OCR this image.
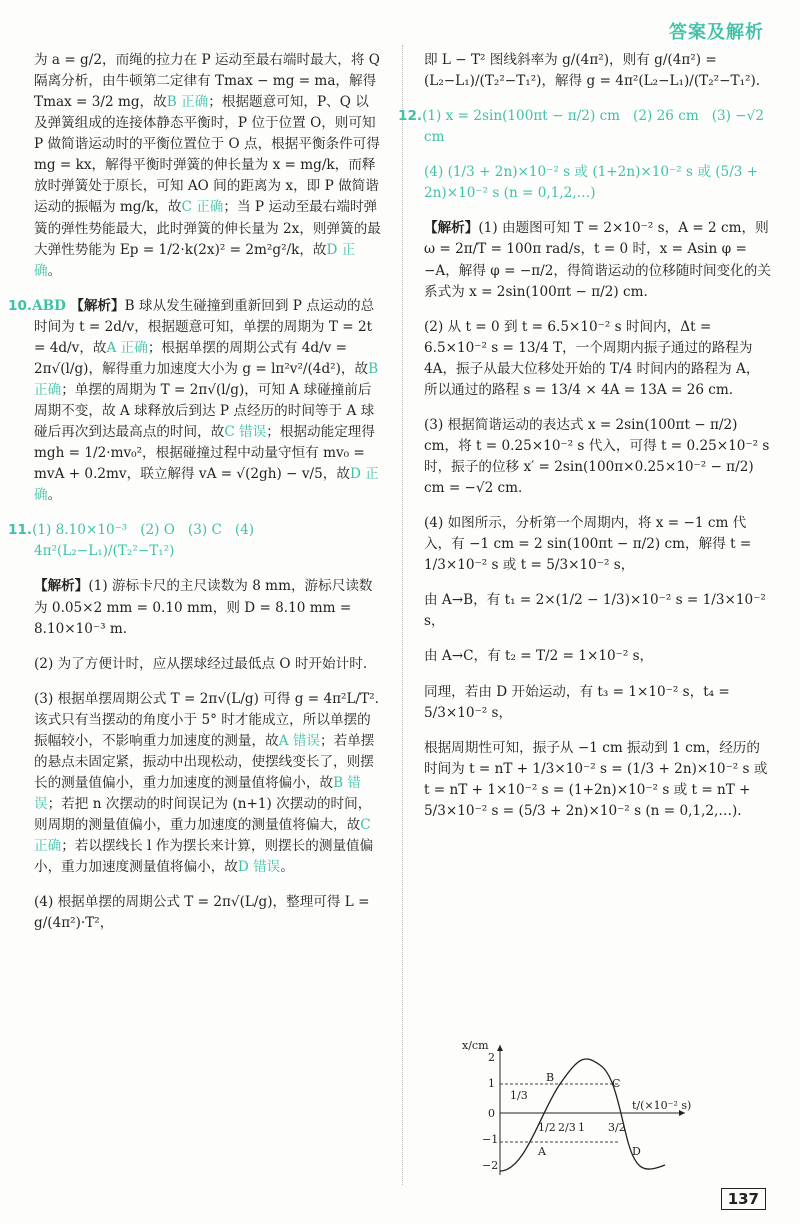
答案及解析

为 a = g/2，而绳的拉力在 P 运动至最右端时最大，将 Q 隔离分析，由牛顿第二定律有 Tmax − mg = ma，解得 Tmax = 3/2 mg，故B 正确；根据题意可知，P、Q 以及弹簧组成的连接体静态平衡时，P 位于位置 O，则可知 P 做简谐运动时的平衡位置位于 O 点，根据平衡条件可得 mg = kx，解得平衡时弹簧的伸长量为 x = mg/k，而释放时弹簧处于原长，可知 AO 间的距离为 x，即 P 做简谐运动的振幅为 mg/k，故C 正确；当 P 运动至最右端时弹簧的弹性势能最大，此时弹簧的伸长量为 2x，则弹簧的最大弹性势能为 Ep = 1/2·k(2x)² = 2m²g²/k，故D 正确。

10.ABD 【解析】B 球从发生碰撞到重新回到 P 点运动的总时间为 t = 2d/v，根据题意可知，单摆的周期为 T = 2t = 4d/v，故A 正确；根据单摆的周期公式有 4d/v = 2π√(l/g)，解得重力加速度大小为 g = lπ²v²/(4d²)，故B 正确；单摆的周期为 T = 2π√(l/g)，可知 A 球碰撞前后周期不变，故 A 球释放后到达 P 点经历的时间等于 A 球碰后再次到达最高点的时间，故C 错误；根据动能定理得 mgh = 1/2·mv₀²，根据碰撞过程中动量守恒有 mv₀ = mvA + 0.2mv，联立解得 vA = √(2gh) − v/5，故D 正确。

11.(1) 8.10×10⁻³   (2) O   (3) C   (4) 4π²(L₂−L₁)/(T₂²−T₁²)

【解析】(1) 游标卡尺的主尺读数为 8 mm，游标尺读数为 0.05×2 mm = 0.10 mm，则 D = 8.10 mm = 8.10×10⁻³ m.

(2) 为了方便计时，应从摆球经过最低点 O 时开始计时.

(3) 根据单摆周期公式 T = 2π√(L/g) 可得 g = 4π²L/T². 该式只有当摆动的角度小于 5° 时才能成立，所以单摆的振幅较小，不影响重力加速度的测量，故A 错误；若单摆的悬点未固定紧，振动中出现松动，使摆线变长了，则摆长的测量值偏小，重力加速度的测量值将偏小，故B 错误；若把 n 次摆动的时间误记为 (n+1) 次摆动的时间，则周期的测量值偏小，重力加速度的测量值将偏大，故C 正确；若以摆线长 l 作为摆长来计算，则摆长的测量值偏小，重力加速度测量值将偏小，故D 错误。

(4) 根据单摆的周期公式 T = 2π√(L/g)，整理可得 L = g/(4π²)·T²，

即 L − T² 图线斜率为 g/(4π²)，则有 g/(4π²) = (L₂−L₁)/(T₂²−T₁²)，解得 g = 4π²(L₂−L₁)/(T₂²−T₁²).

12.(1) x = 2sin(100πt − π/2) cm   (2) 26 cm   (3) −√2 cm

(4) (1/3 + 2n)×10⁻² s 或 (1+2n)×10⁻² s 或 (5/3 + 2n)×10⁻² s (n = 0,1,2,…)

【解析】(1) 由题图可知 T = 2×10⁻² s，A = 2 cm，则 ω = 2π/T = 100π rad/s，t = 0 时，x = Asin φ = −A，解得 φ = −π/2，得简谐运动的位移随时间变化的关系式为 x = 2sin(100πt − π/2) cm.

(2) 从 t = 0 到 t = 6.5×10⁻² s 时间内，Δt = 6.5×10⁻² s = 13/4 T，一个周期内振子通过的路程为 4A，振子从最大位移处开始的 T/4 时间内的路程为 A，所以通过的路程 s = 13/4 × 4A = 13A = 26 cm.

(3) 根据简谐运动的表达式 x = 2sin(100πt − π/2) cm，将 t = 0.25×10⁻² s 代入，可得 t = 0.25×10⁻² s 时，振子的位移 x′ = 2sin(100π×0.25×10⁻² − π/2) cm = −√2 cm.

(4) 如图所示，分析第一个周期内，将 x = −1 cm 代入，有 −1 cm = 2 sin(100πt − π/2) cm，解得 t = 1/3×10⁻² s 或 t = 5/3×10⁻² s，

由 A→B，有 t₁ = 2×(1/2 − 1/3)×10⁻² s = 1/3×10⁻² s，

由 A→C，有 t₂ = T/2 = 1×10⁻² s，

同理，若由 D 开始运动，有 t₃ = 1×10⁻² s，t₄ = 5/3×10⁻² s，

根据周期性可知，振子从 −1 cm 振动到 1 cm，经历的时间为 t = nT + 1/3×10⁻² s = (1/3 + 2n)×10⁻² s 或 t = nT + 1×10⁻² s = (1+2n)×10⁻² s 或 t = nT + 5/3×10⁻² s = (5/3 + 2n)×10⁻² s (n = 0,1,2,…).

x/cm
t/(×10⁻² s)
0
2
1
−1
−2
1/3
1/2 2/3 1 3/2
A
B	C
D
137
